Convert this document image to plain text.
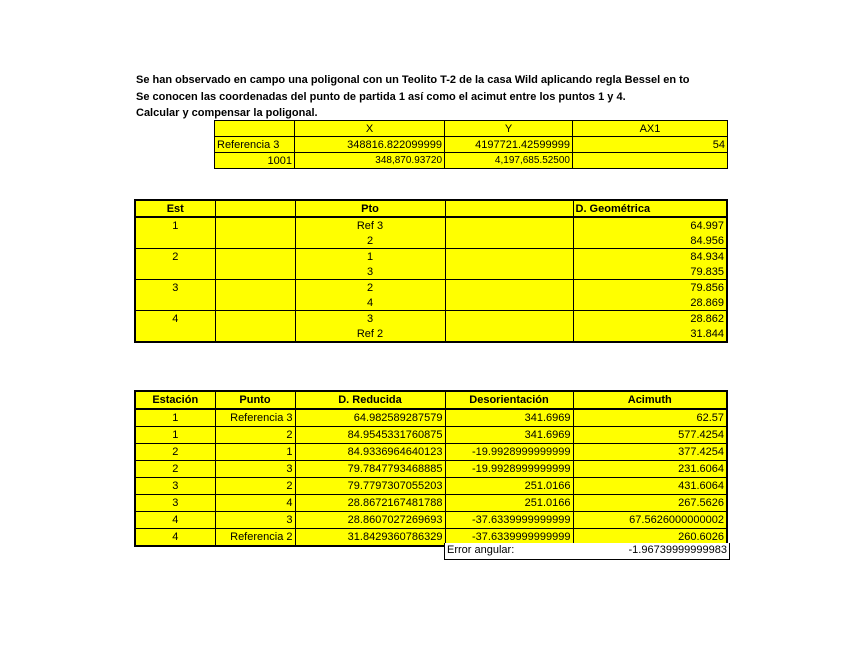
Se han observado en campo una poligonal con un Teolito T-2 de la casa Wild aplicando regla Bessel en to
Se conocen las coordenadas del punto de partida 1 así como el acimut entre los puntos 1 y 4.
Calcular y compensar la poligonal.
	X	Y	AX1
Referencia 3	348816.822099999	4197721.42599999	54
1001	348,870.93720	4,197,685.52500	
Est		Pto		D. Geométrica
1		Ref 3		64.997
		2		84.956
2		1		84.934
		3		79.835
3		2		79.856
		4		28.869
4		3		28.862
		Ref 2		31.844
Estación	Punto	D. Reducida	Desorientación	Acimuth
1	Referencia 3	64.982589287579	341.6969	62.57
1	2	84.9545331760875	341.6969	577.4254
2	1	84.9336964640123	-19.9928999999999	377.4254
2	3	79.7847793468885	-19.9928999999999	231.6064
3	2	79.7797307055203	251.0166	431.6064
3	4	28.8672167481788	251.0166	267.5626
4	3	28.8607027269693	-37.6339999999999	67.5626000000002
4	Referencia 2	31.8429360786329	-37.6339999999999	260.6026
Error angular:	-1.96739999999983
